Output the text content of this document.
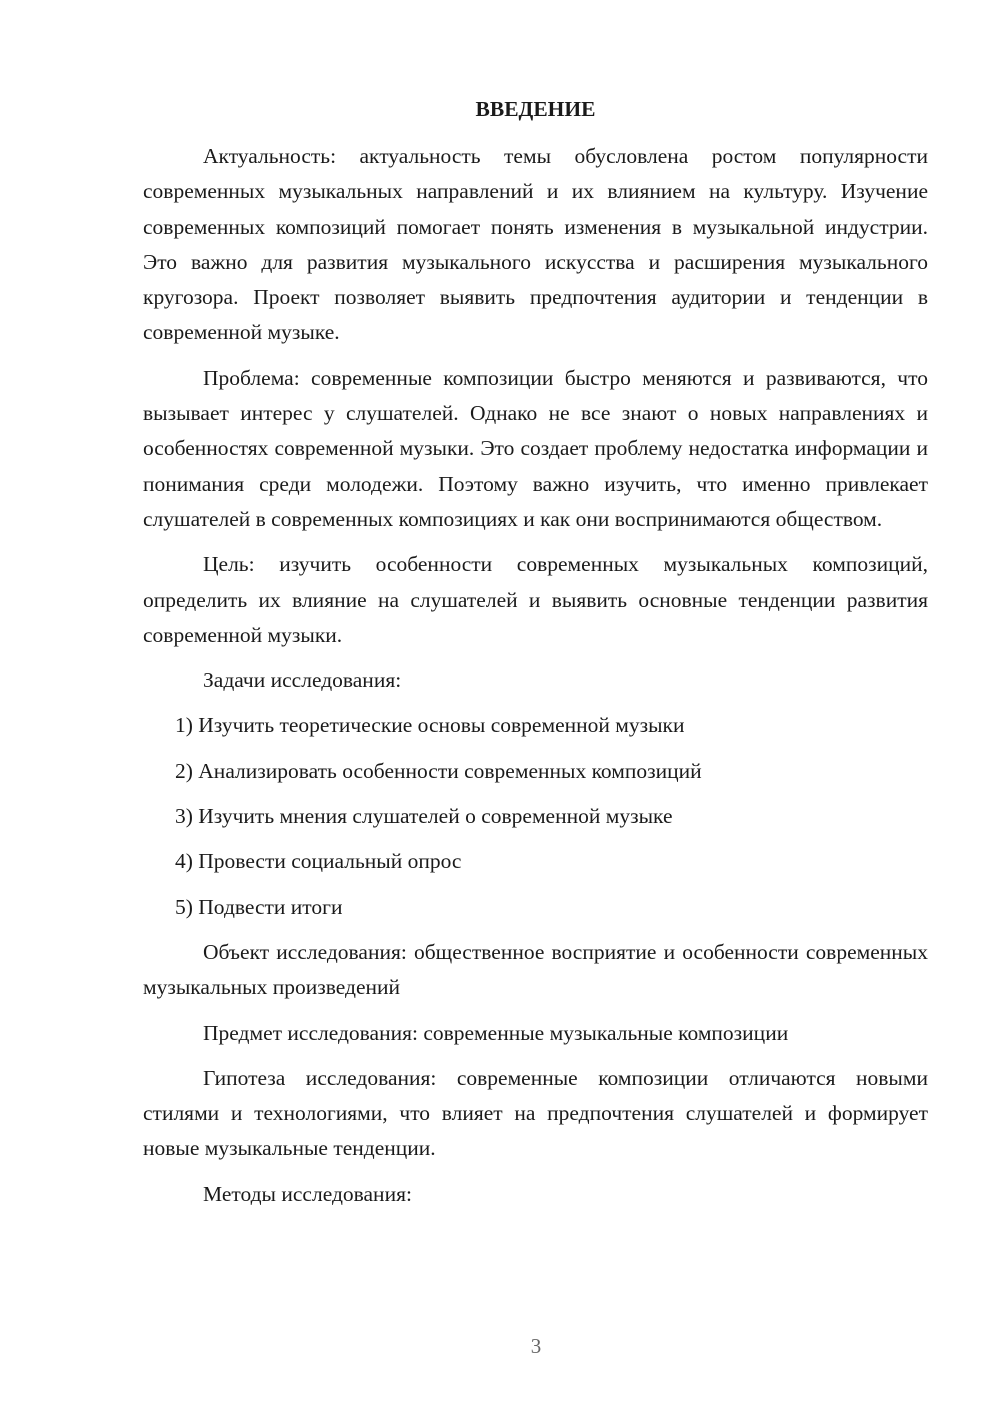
ВВЕДЕНИЕ

Актуальность: актуальность темы обусловлена ростом популярности современных музыкальных направлений и их влиянием на культуру. Изучение современных композиций помогает понять изменения в музыкальной индустрии. Это важно для развития музыкального искусства и расширения музыкального кругозора. Проект позволяет выявить предпочтения аудитории и тенденции в современной музыке.

Проблема: современные композиции быстро меняются и развиваются, что вызывает интерес у слушателей. Однако не все знают о новых направлениях и особенностях современной музыки. Это создает проблему недостатка информации и понимания среди молодежи. Поэтому важно изучить, что именно привлекает слушателей в современных композициях и как они воспринимаются обществом.

Цель: изучить особенности современных музыкальных композиций, определить их влияние на слушателей и выявить основные тенденции развития современной музыки.

Задачи исследования:

1) Изучить теоретические основы современной музыки
2) Анализировать особенности современных композиций
3) Изучить мнения слушателей о современной музыке
4) Провести социальный опрос
5) Подвести итоги

Объект исследования: общественное восприятие и особенности современных музыкальных произведений

Предмет исследования: современные музыкальные композиции

Гипотеза исследования: современные композиции отличаются новыми стилями и технологиями, что влияет на предпочтения слушателей и формирует новые музыкальные тенденции.

Методы исследования:

3
